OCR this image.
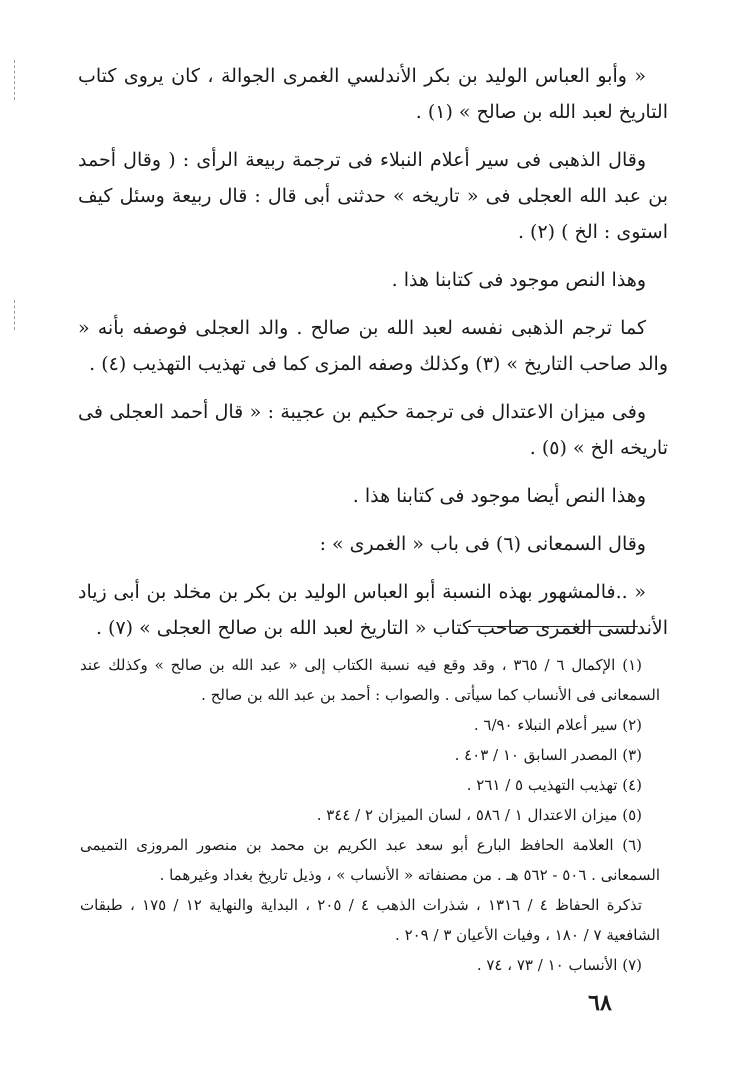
« وأبو العباس الوليد بن بكر الأندلسي الغمرى الجوالة ، كان يروى كتاب التاريخ لعبد الله بن صالح » (١) .

وقال الذهبى فى سير أعلام النبلاء فى ترجمة ربيعة الرأى : ( وقال أحمد بن عبد الله العجلى فى « تاريخه » حدثنى أبى قال : قال ربيعة وسئل كيف استوى : الخ ) (٢) .

وهذا النص موجود فى كتابنا هذا .

كما ترجم الذهبى نفسه لعبد الله بن صالح . والد العجلى فوصفه بأنه « والد صاحب التاريخ » (٣) وكذلك وصفه المزى كما فى تهذيب التهذيب (٤) .

وفى ميزان الاعتدال فى ترجمة حكيم بن عجيبة : « قال أحمد العجلى فى تاريخه الخ » (٥) .

وهذا النص أيضا موجود فى كتابنا هذا .

وقال السمعانى (٦) فى باب « الغمرى » :

« ..فالمشهور بهذه النسبة أبو العباس الوليد بن بكر بن مخلد بن أبى زياد الأندلسى الغمرى صاحب كتاب « التاريخ لعبد الله بن صالح العجلى » (٧) .

(١) الإكمال ٦ / ٣٦٥ ، وقد وقع فيه نسبة الكتاب إلى « عبد الله بن صالح » وكذلك عند السمعانى فى الأنساب كما سيأتى . والصواب : أحمد بن عبد الله بن صالح .

(٢) سير أعلام النبلاء ٦/٩٠ .

(٣) المصدر السابق ١٠ / ٤٠٣ .

(٤) تهذيب التهذيب ٥ / ٢٦١ .

(٥) ميزان الاعتدال ١ / ٥٨٦ ، لسان الميزان ٢ / ٣٤٤ .

(٦) العلامة الحافظ البارع أبو سعد عبد الكريم بن محمد بن منصور المروزى التميمى السمعانى . ٥٠٦ - ٥٦٢ هـ . من مصنفاته « الأنساب » ، وذيل تاريخ بغداد وغيرهما .

تذكرة الحفاظ ٤ / ١٣١٦ ، شذرات الذهب ٤ / ٢٠٥ ، البداية والنهاية ١٢ / ١٧٥ ، طبقات الشافعية ٧ / ١٨٠ ، وفيات الأعيان ٣ / ٢٠٩ .

(٧) الأنساب ١٠ / ٧٣ ، ٧٤ .

٦٨
